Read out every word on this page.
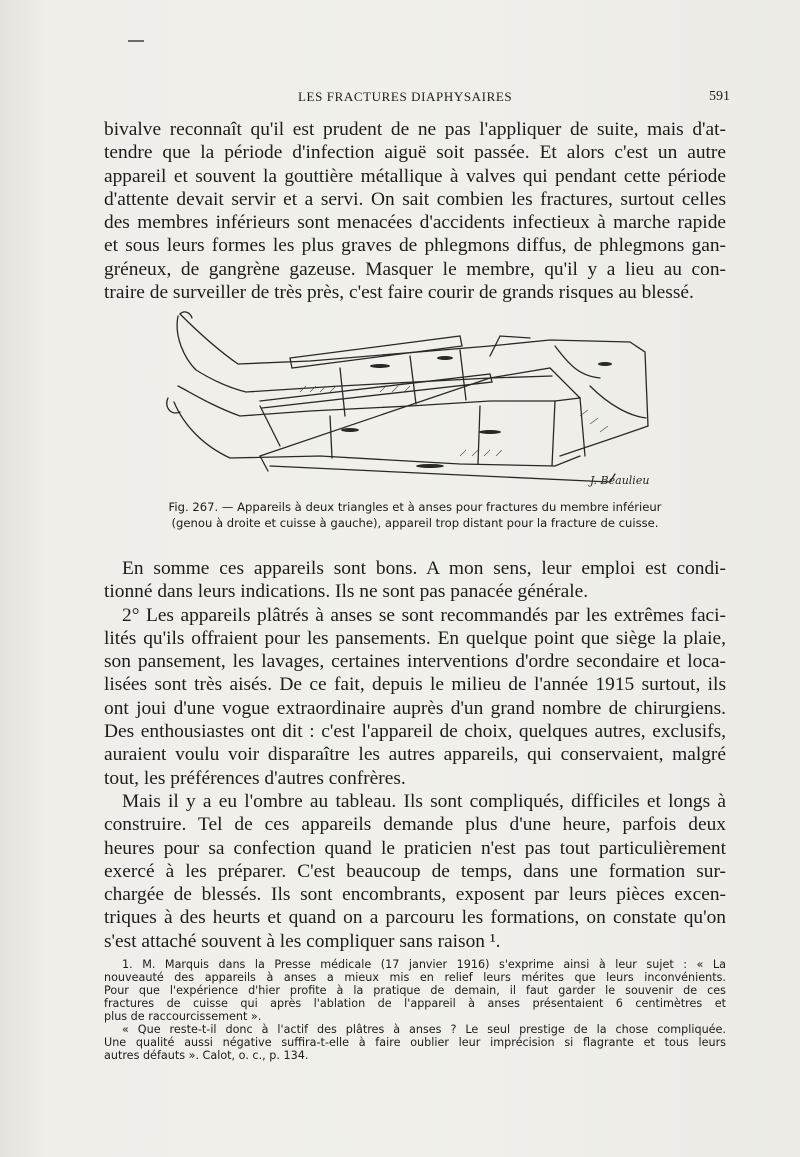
LES FRACTURES DIAPHYSAIRES	591
bivalve reconnaît qu'il est prudent de ne pas l'appliquer de suite, mais d'at-
tendre que la période d'infection aiguë soit passée. Et alors c'est un autre
appareil et souvent la gouttière métallique à valves qui pendant cette période
d'attente devait servir et a servi. On sait combien les fractures, surtout celles
des membres inférieurs sont menacées d'accidents infectieux à marche rapide
et sous leurs formes les plus graves de phlegmons diffus, de phlegmons gan-
gréneux, de gangrène gazeuse. Masquer le membre, qu'il y a lieu au con-
traire de surveiller de très près, c'est faire courir de grands risques au blessé.
J. Beaulieu
Fig. 267. — Appareils à deux triangles et à anses pour fractures du membre inférieur
(genou à droite et cuisse à gauche), appareil trop distant pour la fracture de cuisse.
En somme ces appareils sont bons. A mon sens, leur emploi est condi-
tionné dans leurs indications. Ils ne sont pas panacée générale.
2° Les appareils plâtrés à anses se sont recommandés par les extrêmes faci-
lités qu'ils offraient pour les pansements. En quelque point que siège la plaie,
son pansement, les lavages, certaines interventions d'ordre secondaire et loca-
lisées sont très aisés. De ce fait, depuis le milieu de l'année 1915 surtout, ils
ont joui d'une vogue extraordinaire auprès d'un grand nombre de chirurgiens.
Des enthousiastes ont dit : c'est l'appareil de choix, quelques autres, exclusifs,
auraient voulu voir disparaître les autres appareils, qui conservaient, malgré
tout, les préférences d'autres confrères.
Mais il y a eu l'ombre au tableau. Ils sont compliqués, difficiles et longs à
construire. Tel de ces appareils demande plus d'une heure, parfois deux
heures pour sa confection quand le praticien n'est pas tout particulièrement
exercé à les préparer. C'est beaucoup de temps, dans une formation sur-
chargée de blessés. Ils sont encombrants, exposent par leurs pièces excen-
triques à des heurts et quand on a parcouru les formations, on constate qu'on
s'est attaché souvent à les compliquer sans raison ¹.
1. M. Marquis dans la Presse médicale (17 janvier 1916) s'exprime ainsi à leur sujet : « La
nouveauté des appareils à anses a mieux mis en relief leurs mérites que leurs inconvénients.
Pour que l'expérience d'hier profite à la pratique de demain, il faut garder le souvenir de ces
fractures de cuisse qui après l'ablation de l'appareil à anses présentaient 6 centimètres et
plus de raccourcissement ».
« Que reste-t-il donc à l'actif des plâtres à anses ? Le seul prestige de la chose compliquée.
Une qualité aussi négative suffira-t-elle à faire oublier leur imprécision si flagrante et tous leurs
autres défauts ». Calot, o. c., p. 134.
